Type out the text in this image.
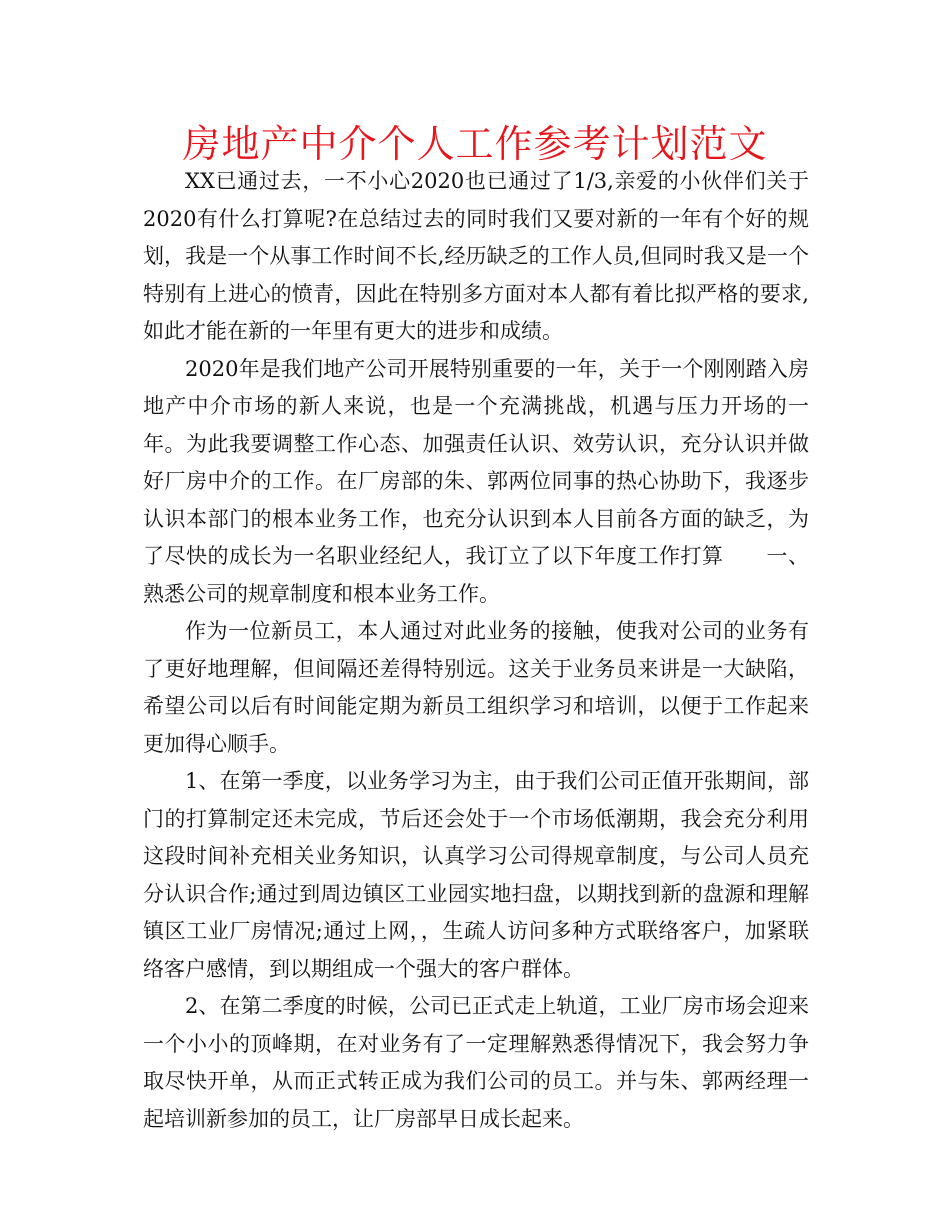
房地产中介个人工作参考计划范文

XX已通过去，一不小心2020也已通过了1/3,亲爱的小伙伴们关于2020有什么打算呢?在总结过去的同时我们又要对新的一年有个好的规划，我是一个从事工作时间不长,经历缺乏的工作人员,但同时我又是一个特别有上进心的愤青，因此在特别多方面对本人都有着比拟严格的要求,如此才能在新的一年里有更大的进步和成绩。

2020年是我们地产公司开展特别重要的一年，关于一个刚刚踏入房地产中介市场的新人来说，也是一个充满挑战，机遇与压力开场的一年。为此我要调整工作心态、加强责任认识、效劳认识，充分认识并做好厂房中介的工作。在厂房部的朱、郭两位同事的热心协助下，我逐步认识本部门的根本业务工作，也充分认识到本人目前各方面的缺乏，为了尽快的成长为一名职业经纪人，我订立了以下年度工作打算　　一、熟悉公司的规章制度和根本业务工作。

作为一位新员工，本人通过对此业务的接触，使我对公司的业务有了更好地理解，但间隔还差得特别远。这关于业务员来讲是一大缺陷，希望公司以后有时间能定期为新员工组织学习和培训，以便于工作起来更加得心顺手。

1、在第一季度，以业务学习为主，由于我们公司正值开张期间，部门的打算制定还未完成，节后还会处于一个市场低潮期，我会充分利用这段时间补充相关业务知识，认真学习公司得规章制度，与公司人员充分认识合作;通过到周边镇区工业园实地扫盘，以期找到新的盘源和理解镇区工业厂房情况;通过上网，，生疏人访问多种方式联络客户，加紧联络客户感情，到以期组成一个强大的客户群体。

2、在第二季度的时候，公司已正式走上轨道，工业厂房市场会迎来一个小小的顶峰期，在对业务有了一定理解熟悉得情况下，我会努力争取尽快开单，从而正式转正成为我们公司的员工。并与朱、郭两经理一起培训新参加的员工，让厂房部早日成长起来。
